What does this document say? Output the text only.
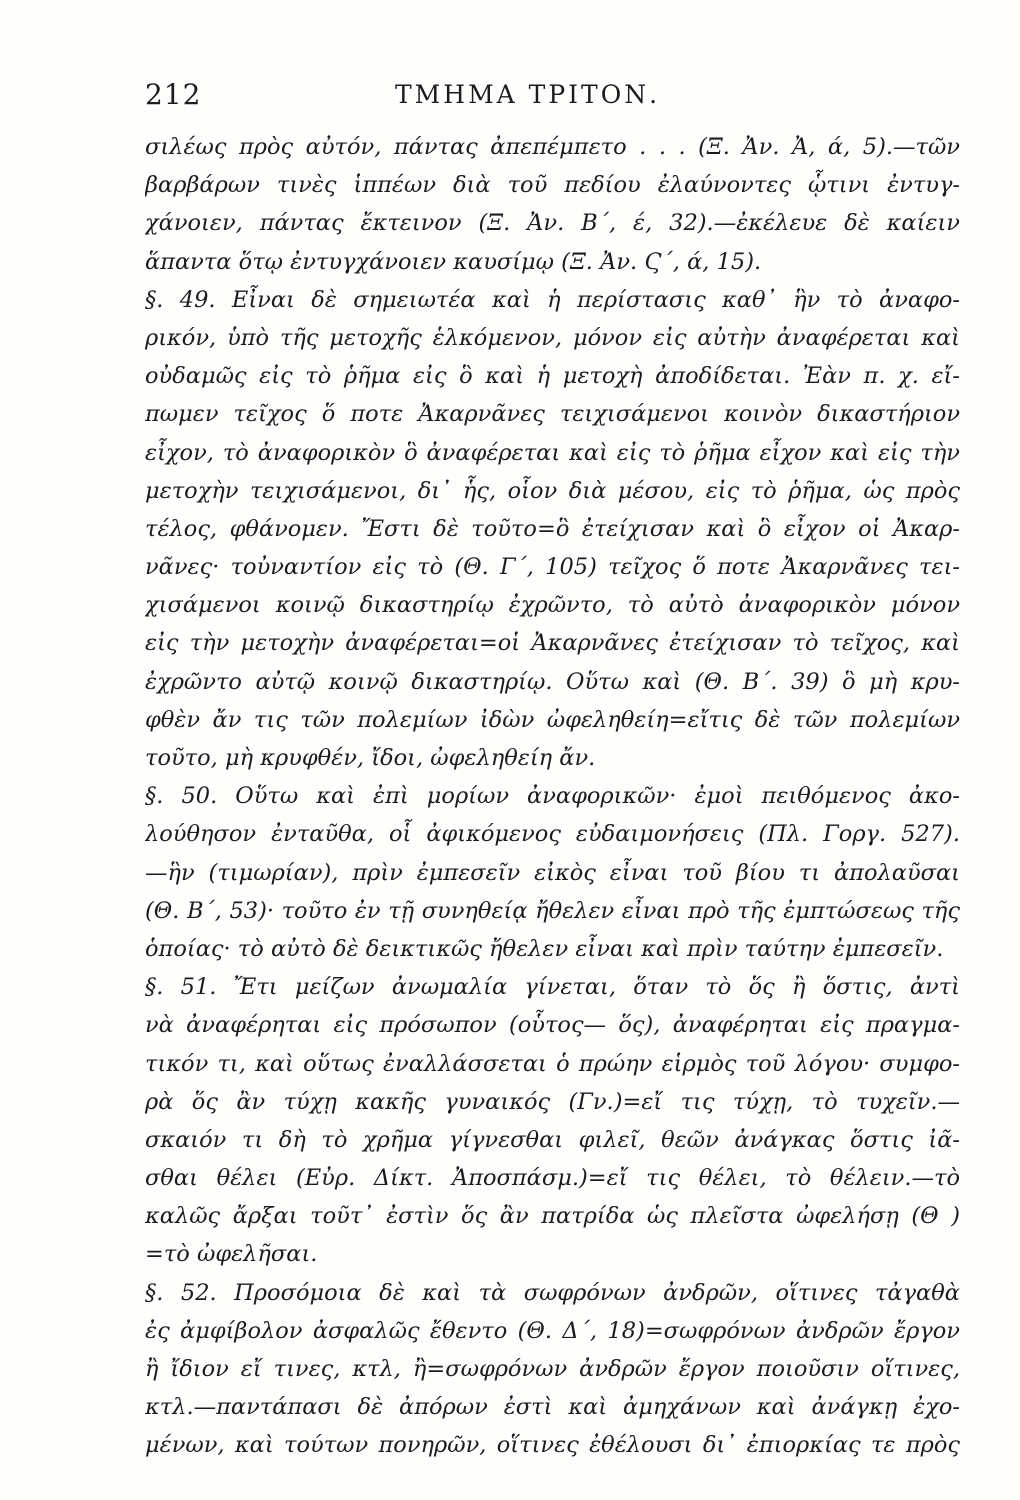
212	ΤΜΗΜΑ ΤΡΙΤΟΝ.
σιλέως πρὸς αὐτόν, πάντας ἀπεπέμπετο . . . (Ξ. Ἀν. Ἀ, ά, 5).—τῶν
βαρβάρων τινὲς ἱππέων διὰ τοῦ πεδίου ἐλαύνοντες ᾧτινι ἐντυγ-
χάνοιεν, πάντας ἔκτεινον (Ξ. Ἀν. Β΄, έ, 32).—ἐκέλευε δὲ καίειν
ἅπαντα ὅτῳ ἐντυγχάνοιεν καυσίμῳ (Ξ. Ἀν. Ϛ΄, ά, 15).
§. 49. Εἶναι δὲ σημειωτέα καὶ ἡ περίστασις καθ᾿ ἣν τὸ ἀναφο-
ρικόν, ὑπὸ τῆς μετοχῆς ἑλκόμενον, μόνον εἰς αὐτὴν ἀναφέρεται καὶ
οὐδαμῶς εἰς τὸ ῥῆμα εἰς ὃ καὶ ἡ μετοχὴ ἀποδίδεται. Ἐὰν π. χ. εἴ-
πωμεν τεῖχος ὅ ποτε Ἀκαρνᾶνες τειχισάμενοι κοινὸν δικαστήριον
εἶχον, τὸ ἀναφορικὸν ὃ ἀναφέρεται καὶ εἰς τὸ ῥῆμα εἶχον καὶ εἰς τὴν
μετοχὴν τειχισάμενοι, δι᾿ ἧς, οἷον διὰ μέσου, εἰς τὸ ῥῆμα, ὡς πρὸς
τέλος, φθάνομεν. Ἔστι δὲ τοῦτο=ὃ ἐτείχισαν καὶ ὃ εἶχον οἱ Ἀκαρ-
νᾶνες· τοὐναντίον εἰς τὸ (Θ. Γ΄, 105) τεῖχος ὅ ποτε Ἀκαρνᾶνες τει-
χισάμενοι κοινῷ δικαστηρίῳ ἐχρῶντο, τὸ αὐτὸ ἀναφορικὸν μόνον
εἰς τὴν μετοχὴν ἀναφέρεται=οἱ Ἀκαρνᾶνες ἐτείχισαν τὸ τεῖχος, καὶ
ἐχρῶντο αὐτῷ κοινῷ δικαστηρίῳ. Οὕτω καὶ (Θ. Β΄. 39) ὃ μὴ κρυ-
φθὲν ἄν τις τῶν πολεμίων ἰδὼν ὠφεληθείη=εἴτις δὲ τῶν πολεμίων
τοῦτο, μὴ κρυφθέν, ἴδοι, ὠφεληθείη ἄν.
§. 50. Οὕτω καὶ ἐπὶ μορίων ἀναφορικῶν· ἐμοὶ πειθόμενος ἀκο-
λούθησον ἐνταῦθα, οἷ ἀφικόμενος εὐδαιμονήσεις (Πλ. Γοργ. 527).
—ἣν (τιμωρίαν), πρὶν ἐμπεσεῖν εἰκὸς εἶναι τοῦ βίου τι ἀπολαῦσαι
(Θ. Β΄, 53)· τοῦτο ἐν τῇ συνηθείᾳ ἤθελεν εἶναι πρὸ τῆς ἐμπτώσεως τῆς
ὁποίας· τὸ αὐτὸ δὲ δεικτικῶς ἤθελεν εἶναι καὶ πρὶν ταύτην ἐμπεσεῖν.
§. 51. Ἔτι μείζων ἀνωμαλία γίνεται, ὅταν τὸ ὅς ἢ ὅστις, ἀντὶ
νὰ ἀναφέρηται εἰς πρόσωπον (οὗτος— ὅς), ἀναφέρηται εἰς πραγμα-
τικόν τι, καὶ οὕτως ἐναλλάσσεται ὁ πρώην εἱρμὸς τοῦ λόγου· συμφο-
ρὰ ὅς ἂν τύχῃ κακῆς γυναικός (Γν.)=εἴ τις τύχῃ, τὸ τυχεῖν.—
σκαιόν τι δὴ τὸ χρῆμα γίγνεσθαι φιλεῖ, θεῶν ἀνάγκας ὅστις ἰᾶ-
σθαι θέλει (Εὐρ. Δίκτ. Ἀποσπάσμ.)=εἴ τις θέλει, τὸ θέλειν.—τὸ
καλῶς ἄρξαι τοῦτ᾿ ἐστὶν ὅς ἂν πατρίδα ὡς πλεῖστα ὠφελήσῃ (Θ )
=τὸ ὠφελῆσαι.
§. 52. Προσόμοια δὲ καὶ τὰ σωφρόνων ἀνδρῶν, οἵτινες τἀγαθὰ
ἐς ἀμφίβολον ἀσφαλῶς ἔθεντο (Θ. Δ΄, 18)=σωφρόνων ἀνδρῶν ἔργον
ἢ ἴδιον εἴ τινες, κτλ, ἢ=σωφρόνων ἀνδρῶν ἔργον ποιοῦσιν οἵτινες,
κτλ.—παντάπασι δὲ ἀπόρων ἐστὶ καὶ ἀμηχάνων καὶ ἀνάγκῃ ἐχο-
μένων, καὶ τούτων πονηρῶν, οἵτινες ἐθέλουσι δι᾿ ἐπιορκίας τε πρὸς
